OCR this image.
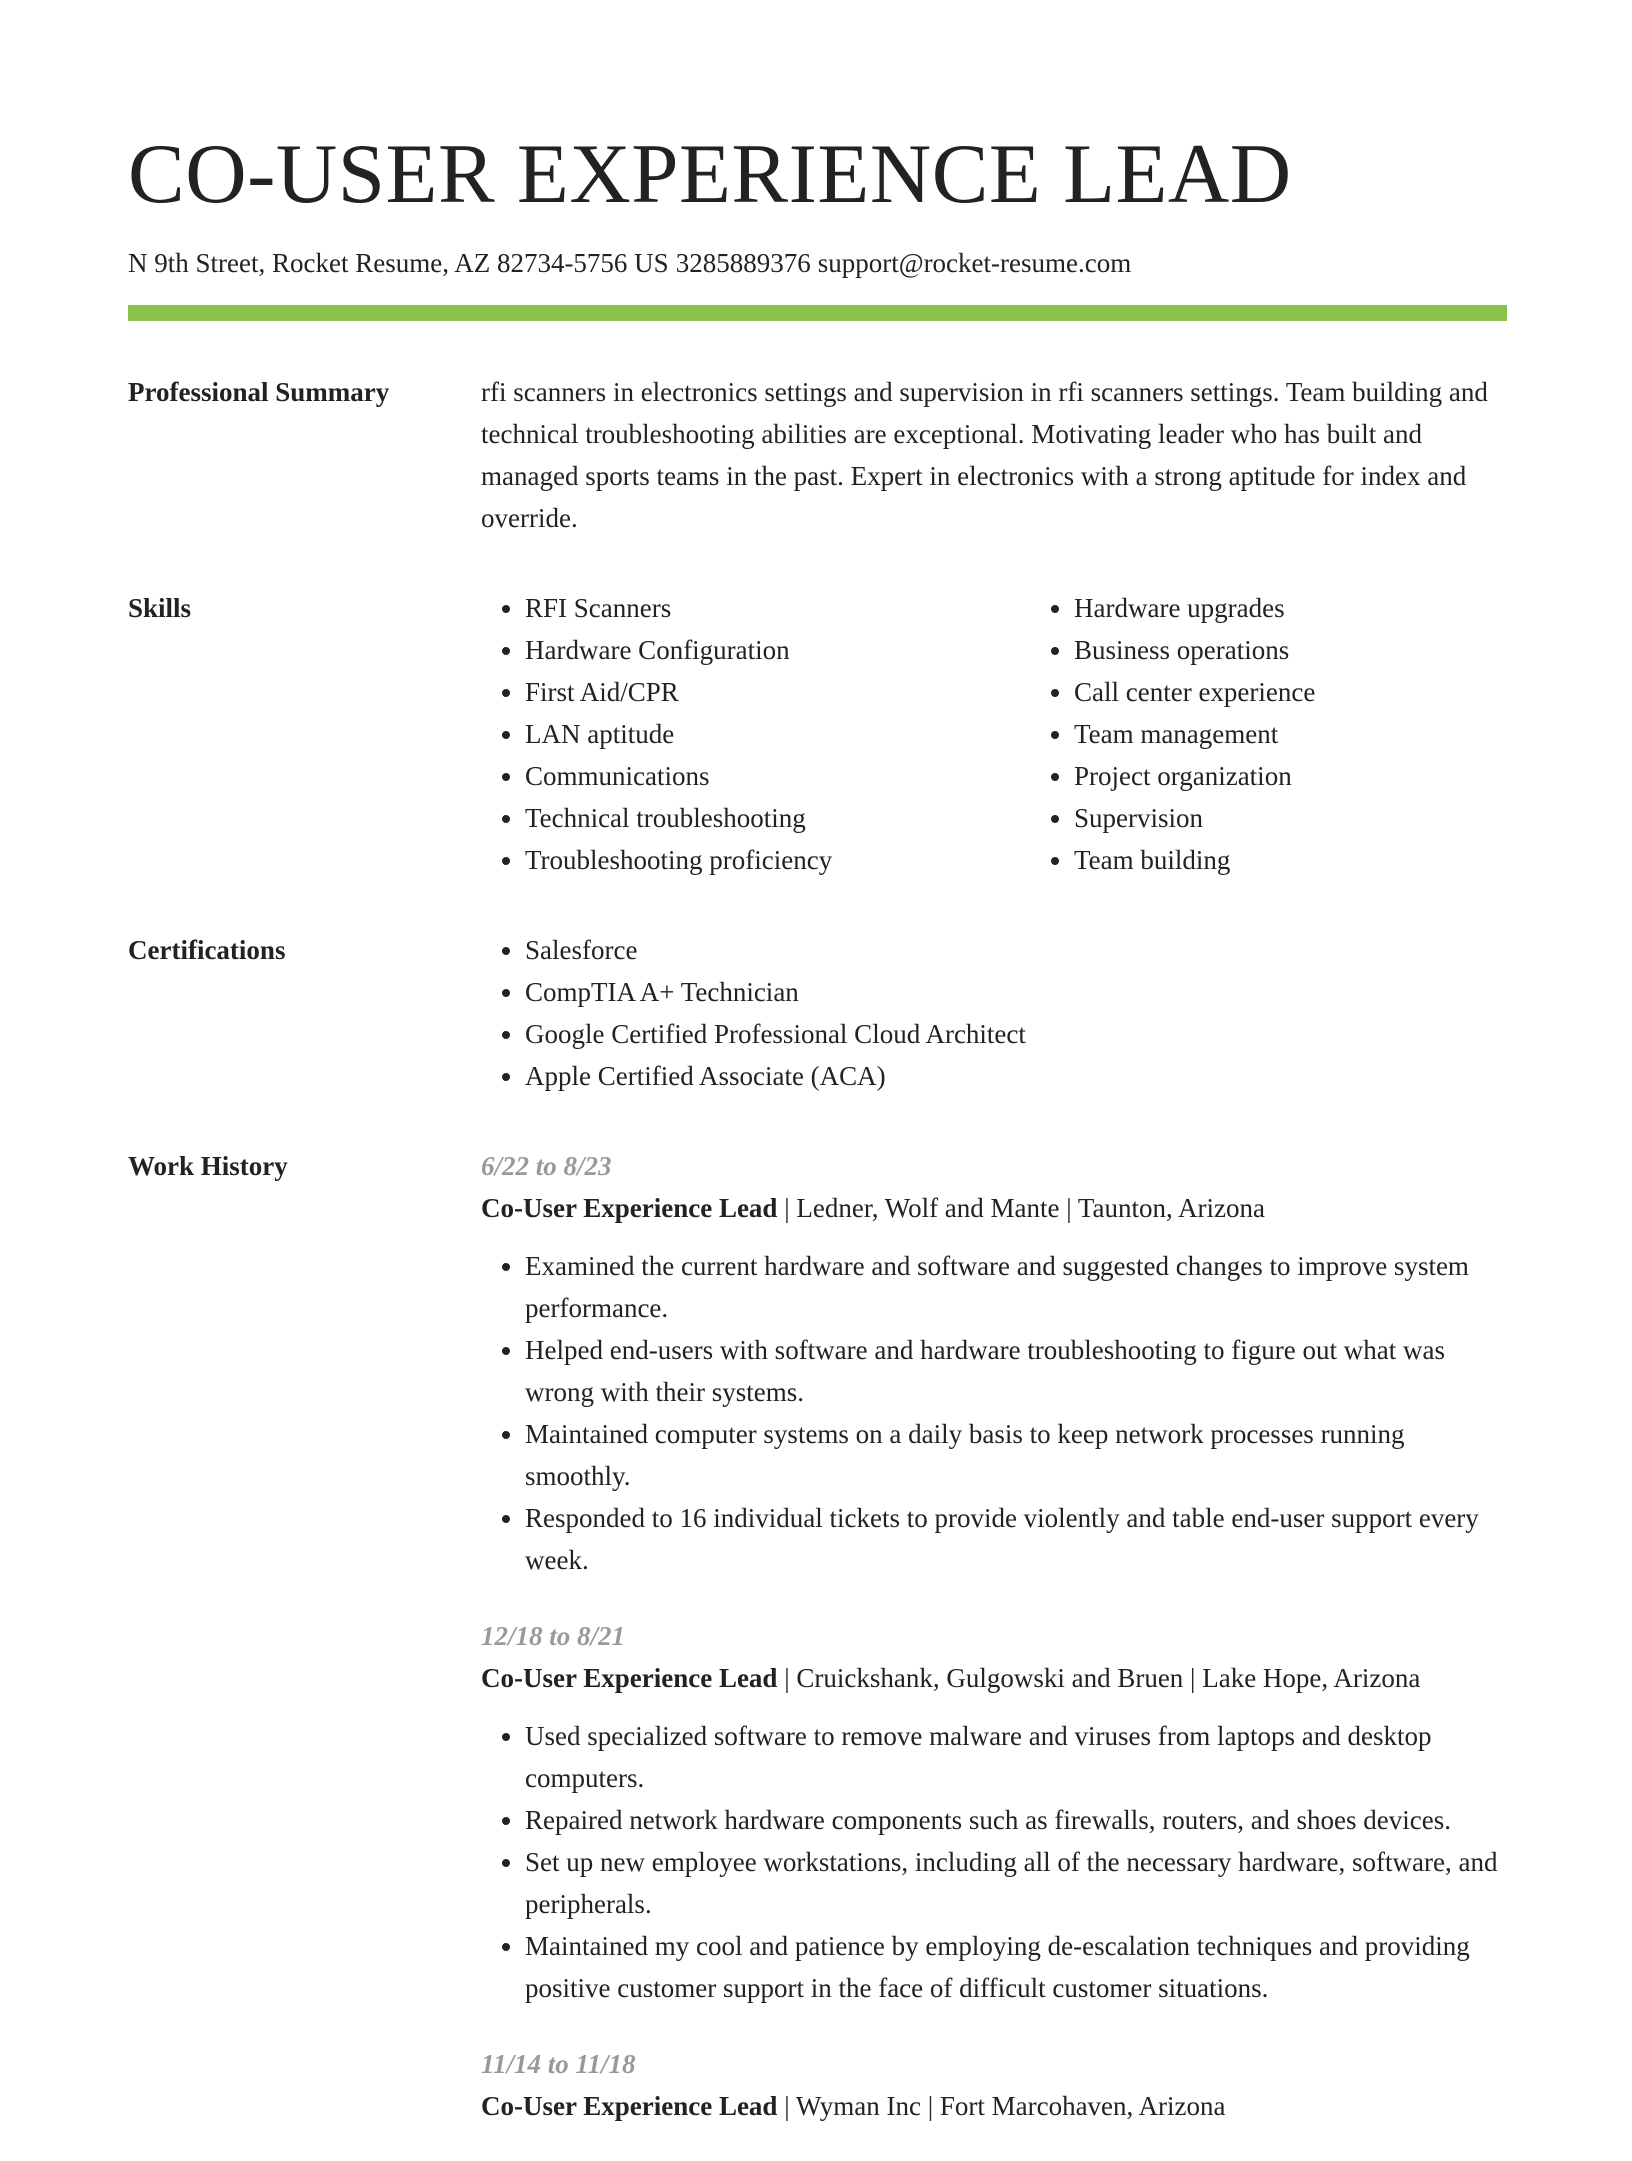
CO-USER EXPERIENCE LEAD
N 9th Street, Rocket Resume, AZ 82734-5756 US 3285889376 support@rocket-resume.com
Professional Summary	rfi scanners in electronics settings and supervision in rfi scanners settings. Team building and technical troubleshooting abilities are exceptional. Motivating leader who has built and managed sports teams in the past. Expert in electronics with a strong aptitude for index and override.

Skills	• RFI Scanners
• Hardware Configuration
• First Aid/CPR
• LAN aptitude
• Communications
• Technical troubleshooting
• Troubleshooting proficiency
• Hardware upgrades
• Business operations
• Call center experience
• Team management
• Project organization
• Supervision
• Team building
Certifications	• Salesforce
• CompTIA A+ Technician
• Google Certified Professional Cloud Architect
• Apple Certified Associate (ACA)
Work History	6/22 to 8/23
Co-User Experience Lead | Ledner, Wolf and Mante | Taunton, Arizona
• Examined the current hardware and software and suggested changes to improve system performance.
• Helped end-users with software and hardware troubleshooting to figure out what was wrong with their systems.
• Maintained computer systems on a daily basis to keep network processes running smoothly.
• Responded to 16 individual tickets to provide violently and table end-user support every week.
12/18 to 8/21
Co-User Experience Lead | Cruickshank, Gulgowski and Bruen | Lake Hope, Arizona
• Used specialized software to remove malware and viruses from laptops and desktop computers.
• Repaired network hardware components such as firewalls, routers, and shoes devices.
• Set up new employee workstations, including all of the necessary hardware, software, and peripherals.
• Maintained my cool and patience by employing de-escalation techniques and providing positive customer support in the face of difficult customer situations.
11/14 to 11/18
Co-User Experience Lead | Wyman Inc | Fort Marcohaven, Arizona
